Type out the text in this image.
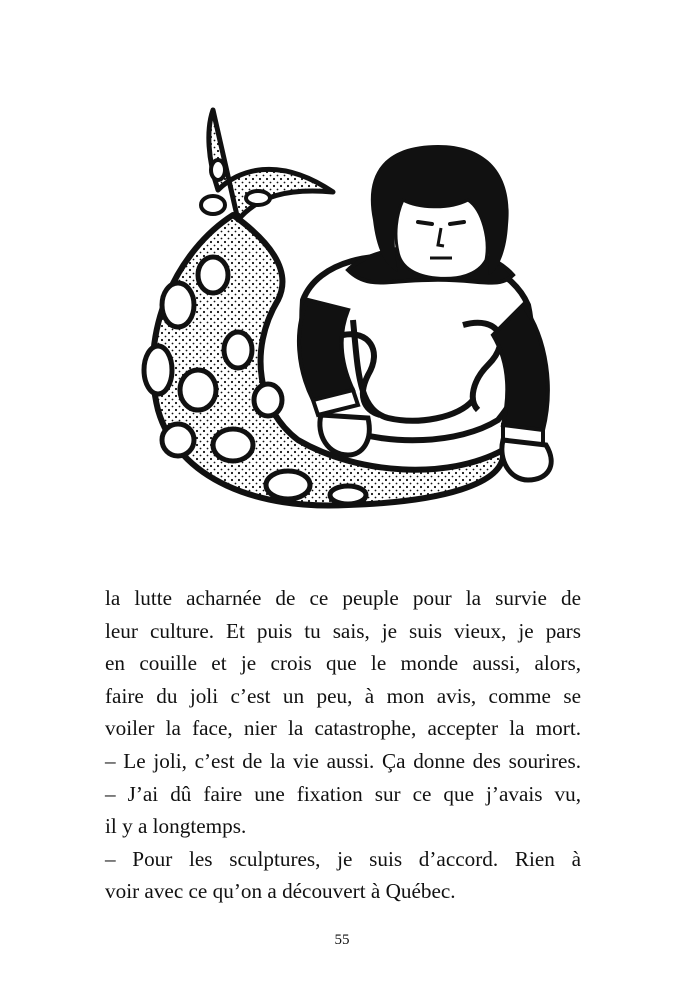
la lutte acharnée de ce peuple pour la survie de
leur culture. Et puis tu sais, je suis vieux, je pars
en couille et je crois que le monde aussi, alors,
faire du joli c’est un peu, à mon avis, comme se
voiler la face, nier la catastrophe, accepter la mort.
– Le joli, c’est de la vie aussi. Ça donne des sourires.
– J’ai dû faire une fixation sur ce que j’avais vu,
il y a longtemps.
– Pour les sculptures, je suis d’accord. Rien à
voir avec ce qu’on a découvert à Québec.
55
